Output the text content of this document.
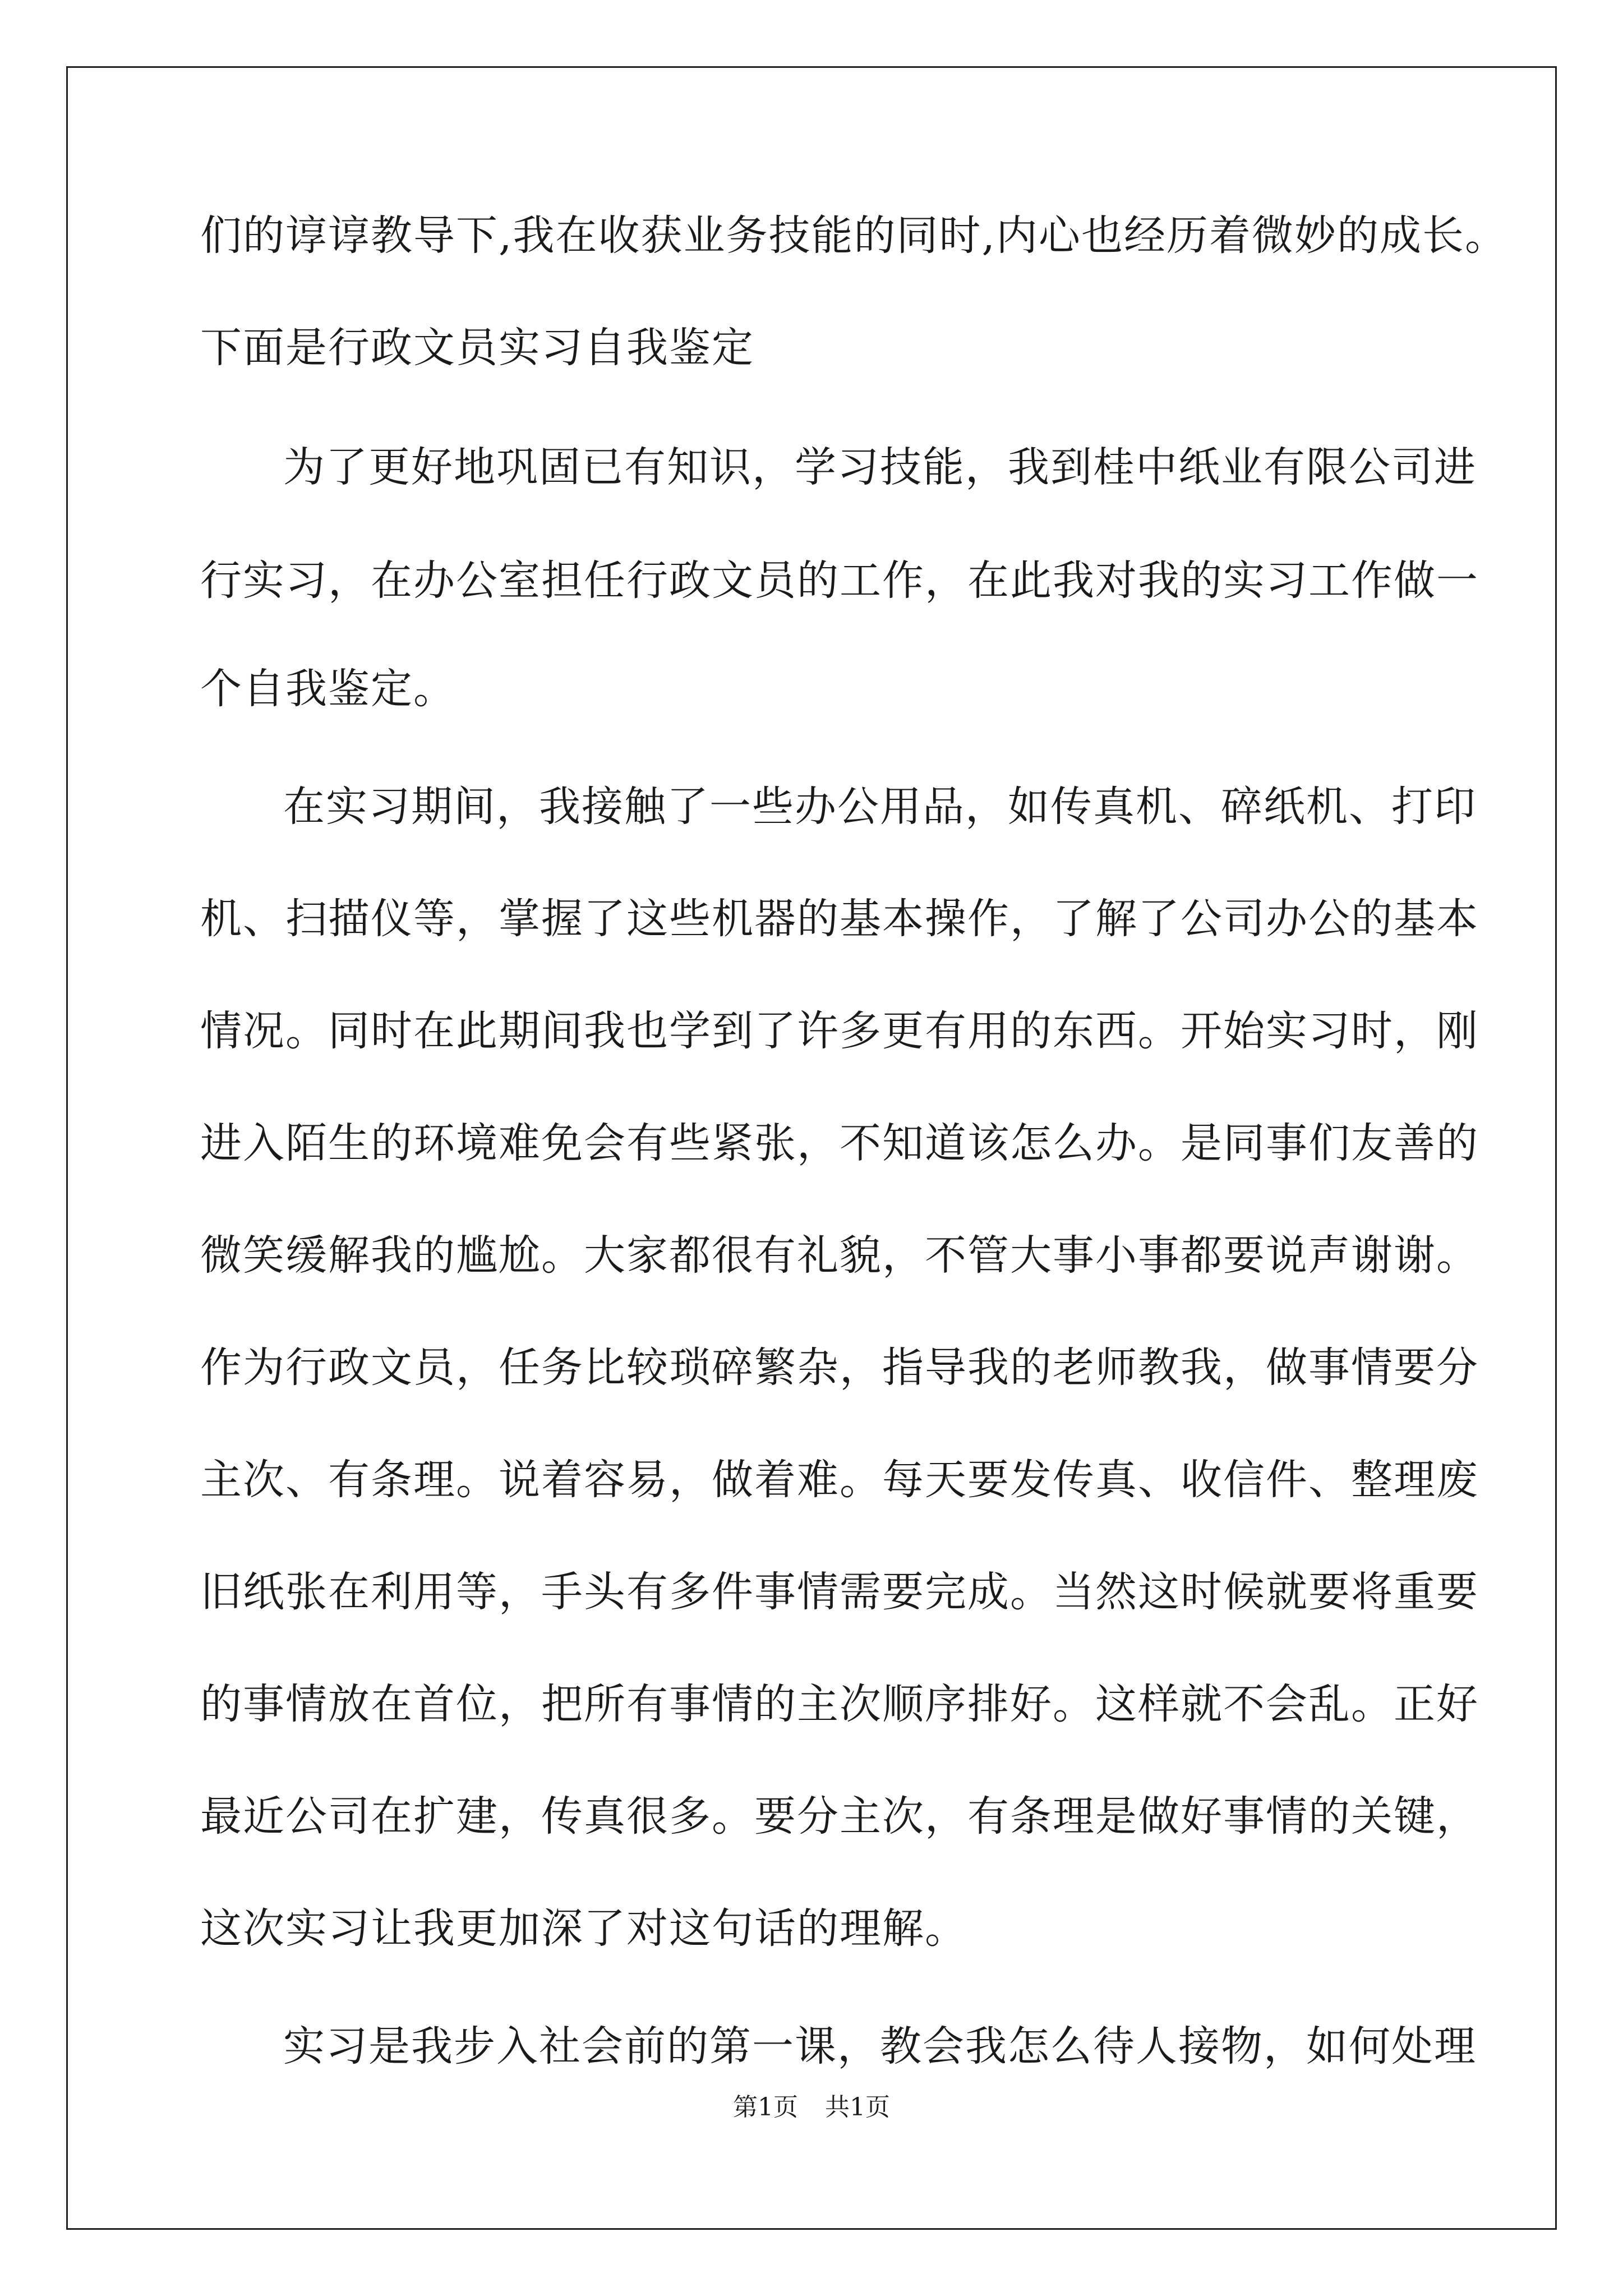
们的谆谆教导下,我在收获业务技能的同时,内心也经历着微妙的成长。
下面是行政文员实习自我鉴定
为了更好地巩固已有知识，学习技能，我到桂中纸业有限公司进
行实习，在办公室担任行政文员的工作，在此我对我的实习工作做一
个自我鉴定。
在实习期间，我接触了一些办公用品，如传真机、碎纸机、打印
机、扫描仪等，掌握了这些机器的基本操作，了解了公司办公的基本
情况。同时在此期间我也学到了许多更有用的东西。开始实习时，刚
进入陌生的环境难免会有些紧张，不知道该怎么办。是同事们友善的
微笑缓解我的尴尬。大家都很有礼貌，不管大事小事都要说声谢谢。
作为行政文员，任务比较琐碎繁杂，指导我的老师教我，做事情要分
主次、有条理。说着容易，做着难。每天要发传真、收信件、整理废
旧纸张在利用等，手头有多件事情需要完成。当然这时候就要将重要
的事情放在首位，把所有事情的主次顺序排好。这样就不会乱。正好
最近公司在扩建，传真很多。要分主次，有条理是做好事情的关键，
这次实习让我更加深了对这句话的理解。
实习是我步入社会前的第一课，教会我怎么待人接物，如何处理
第1页 共1页
